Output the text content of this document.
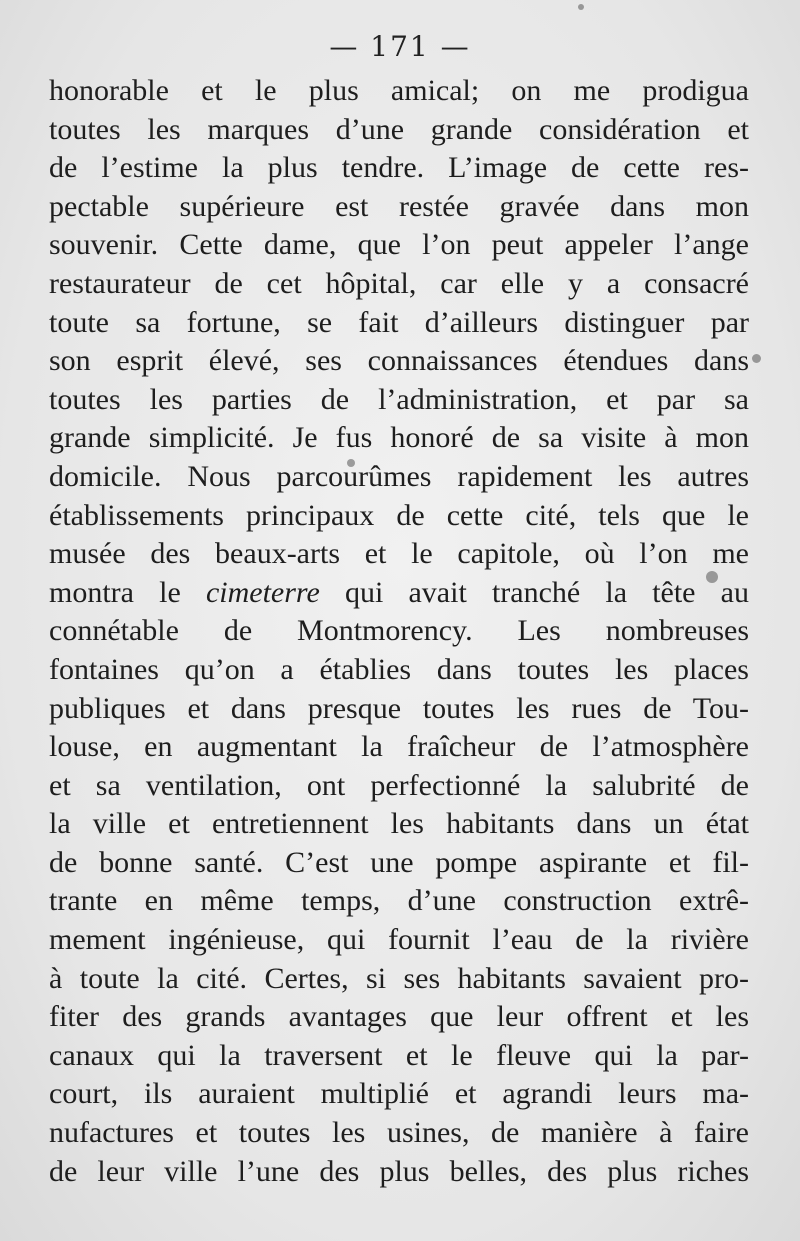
— 171 —
honorable et le plus amical; on me prodigua
toutes les marques d’une grande considération et
de l’estime la plus tendre. L’image de cette res-
pectable supérieure est restée gravée dans mon
souvenir. Cette dame, que l’on peut appeler l’ange
restaurateur de cet hôpital, car elle y a consacré
toute sa fortune, se fait d’ailleurs distinguer par
son esprit élevé, ses connaissances étendues dans
toutes les parties de l’administration, et par sa
grande simplicité. Je fus honoré de sa visite à mon
domicile. Nous parcourûmes rapidement les autres
établissements principaux de cette cité, tels que le
musée des beaux-arts et le capitole, où l’on me
montra le cimeterre qui avait tranché la tête au
connétable de Montmorency. Les nombreuses
fontaines qu’on a établies dans toutes les places
publiques et dans presque toutes les rues de Tou-
louse, en augmentant la fraîcheur de l’atmosphère
et sa ventilation, ont perfectionné la salubrité de
la ville et entretiennent les habitants dans un état
de bonne santé. C’est une pompe aspirante et fil-
trante en même temps, d’une construction extrê-
mement ingénieuse, qui fournit l’eau de la rivière
à toute la cité. Certes, si ses habitants savaient pro-
fiter des grands avantages que leur offrent et les
canaux qui la traversent et le fleuve qui la par-
court, ils auraient multiplié et agrandi leurs ma-
nufactures et toutes les usines, de manière à faire
de leur ville l’une des plus belles, des plus riches
